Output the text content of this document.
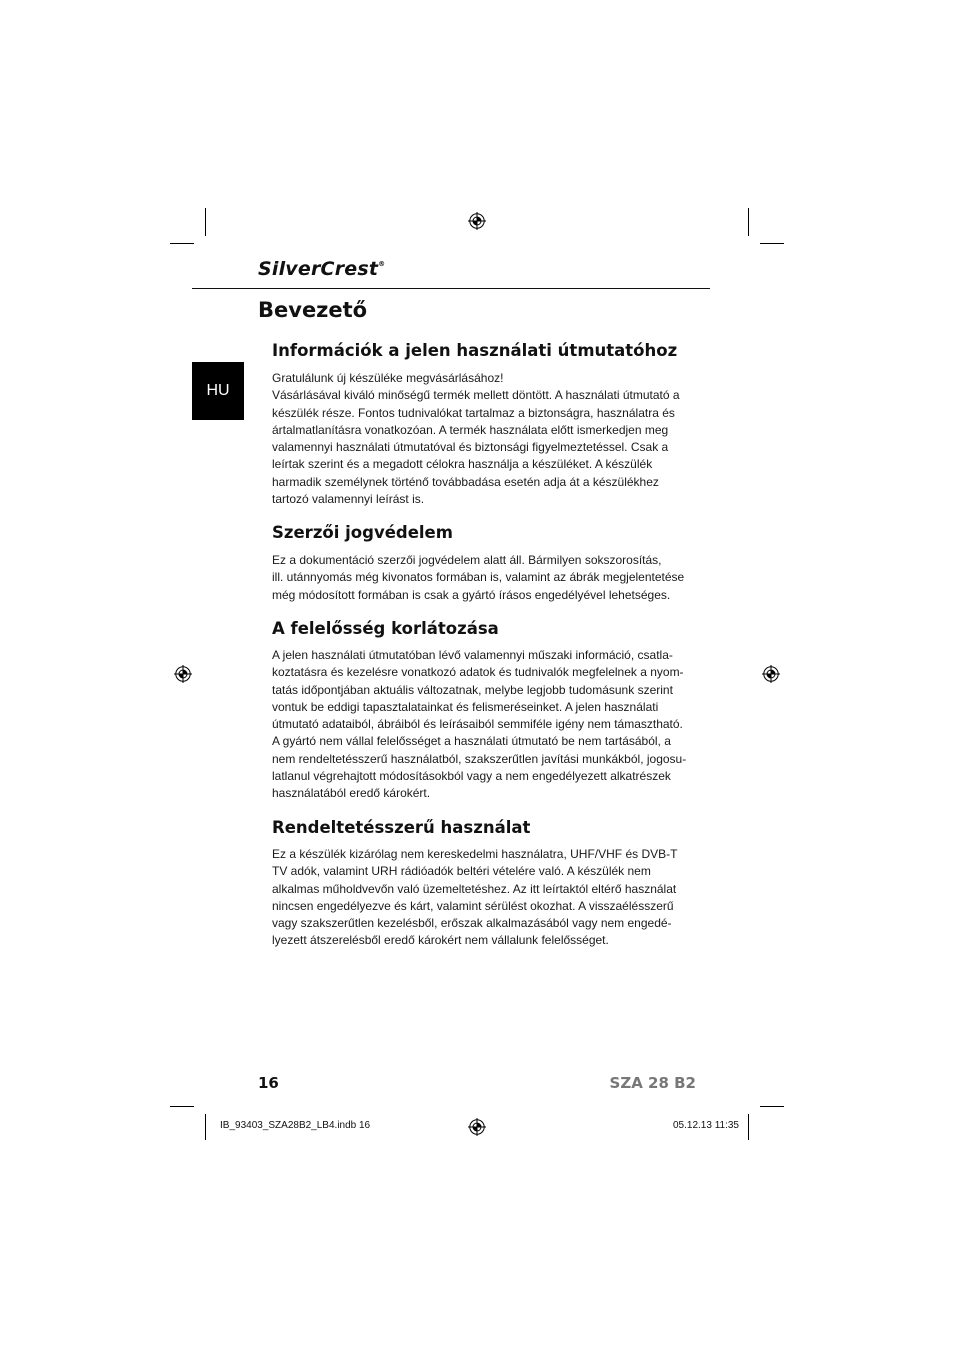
SilverCrest®
Bevezető
HU
Információk a jelen használati útmutatóhoz
Gratulálunk új készüléke megvásárlásához!
Vásárlásával kiváló minőségű termék mellett döntött. A használati útmutató a
készülék része. Fontos tudnivalókat tartalmaz a biztonságra, használatra és
ártalmatlanításra vonatkozóan. A termék használata előtt ismerkedjen meg
valamennyi használati útmutatóval és biztonsági figyelmeztetéssel. Csak a
leírtak szerint és a megadott célokra használja a készüléket. A készülék
harmadik személynek történő továbbadása esetén adja át a készülékhez
tartozó valamennyi leírást is.
Szerzői jogvédelem
Ez a dokumentáció szerzői jogvédelem alatt áll. Bármilyen sokszorosítás,
ill. utánnyomás még kivonatos formában is, valamint az ábrák megjelentetése
még módosított formában is csak a gyártó írásos engedélyével lehetséges.
A felelősség korlátozása
A jelen használati útmutatóban lévő valamennyi műszaki információ, csatla-
koztatásra és kezelésre vonatkozó adatok és tudnivalók megfelelnek a nyom-
tatás időpontjában aktuális változatnak, melybe legjobb tudomásunk szerint
vontuk be eddigi tapasztalatainkat és felismeréseinket. A jelen használati
útmutató adataiból, ábráiból és leírásaiból semmiféle igény nem támasztható.
A gyártó nem vállal felelősséget a használati útmutató be nem tartásából, a
nem rendeltetésszerű használatból, szakszerűtlen javítási munkákból, jogosu-
latlanul végrehajtott módosításokból vagy a nem engedélyezett alkatrészek
használatából eredő károkért.
Rendeltetésszerű használat
Ez a készülék kizárólag nem kereskedelmi használatra, UHF/VHF és DVB-T
TV adók, valamint URH rádióadók beltéri vételére való. A készülék nem
alkalmas műholdvevőn való üzemeltetéshez. Az itt leírtaktól eltérő használat
nincsen engedélyezve és kárt, valamint sérülést okozhat. A visszaélésszerű
vagy szakszerűtlen kezelésből, erőszak alkalmazásából vagy nem engedé-
lyezett átszerelésből eredő károkért nem vállalunk felelősséget.
16	SZA 28 B2
IB_93403_SZA28B2_LB4.indb 16	05.12.13 11:35
